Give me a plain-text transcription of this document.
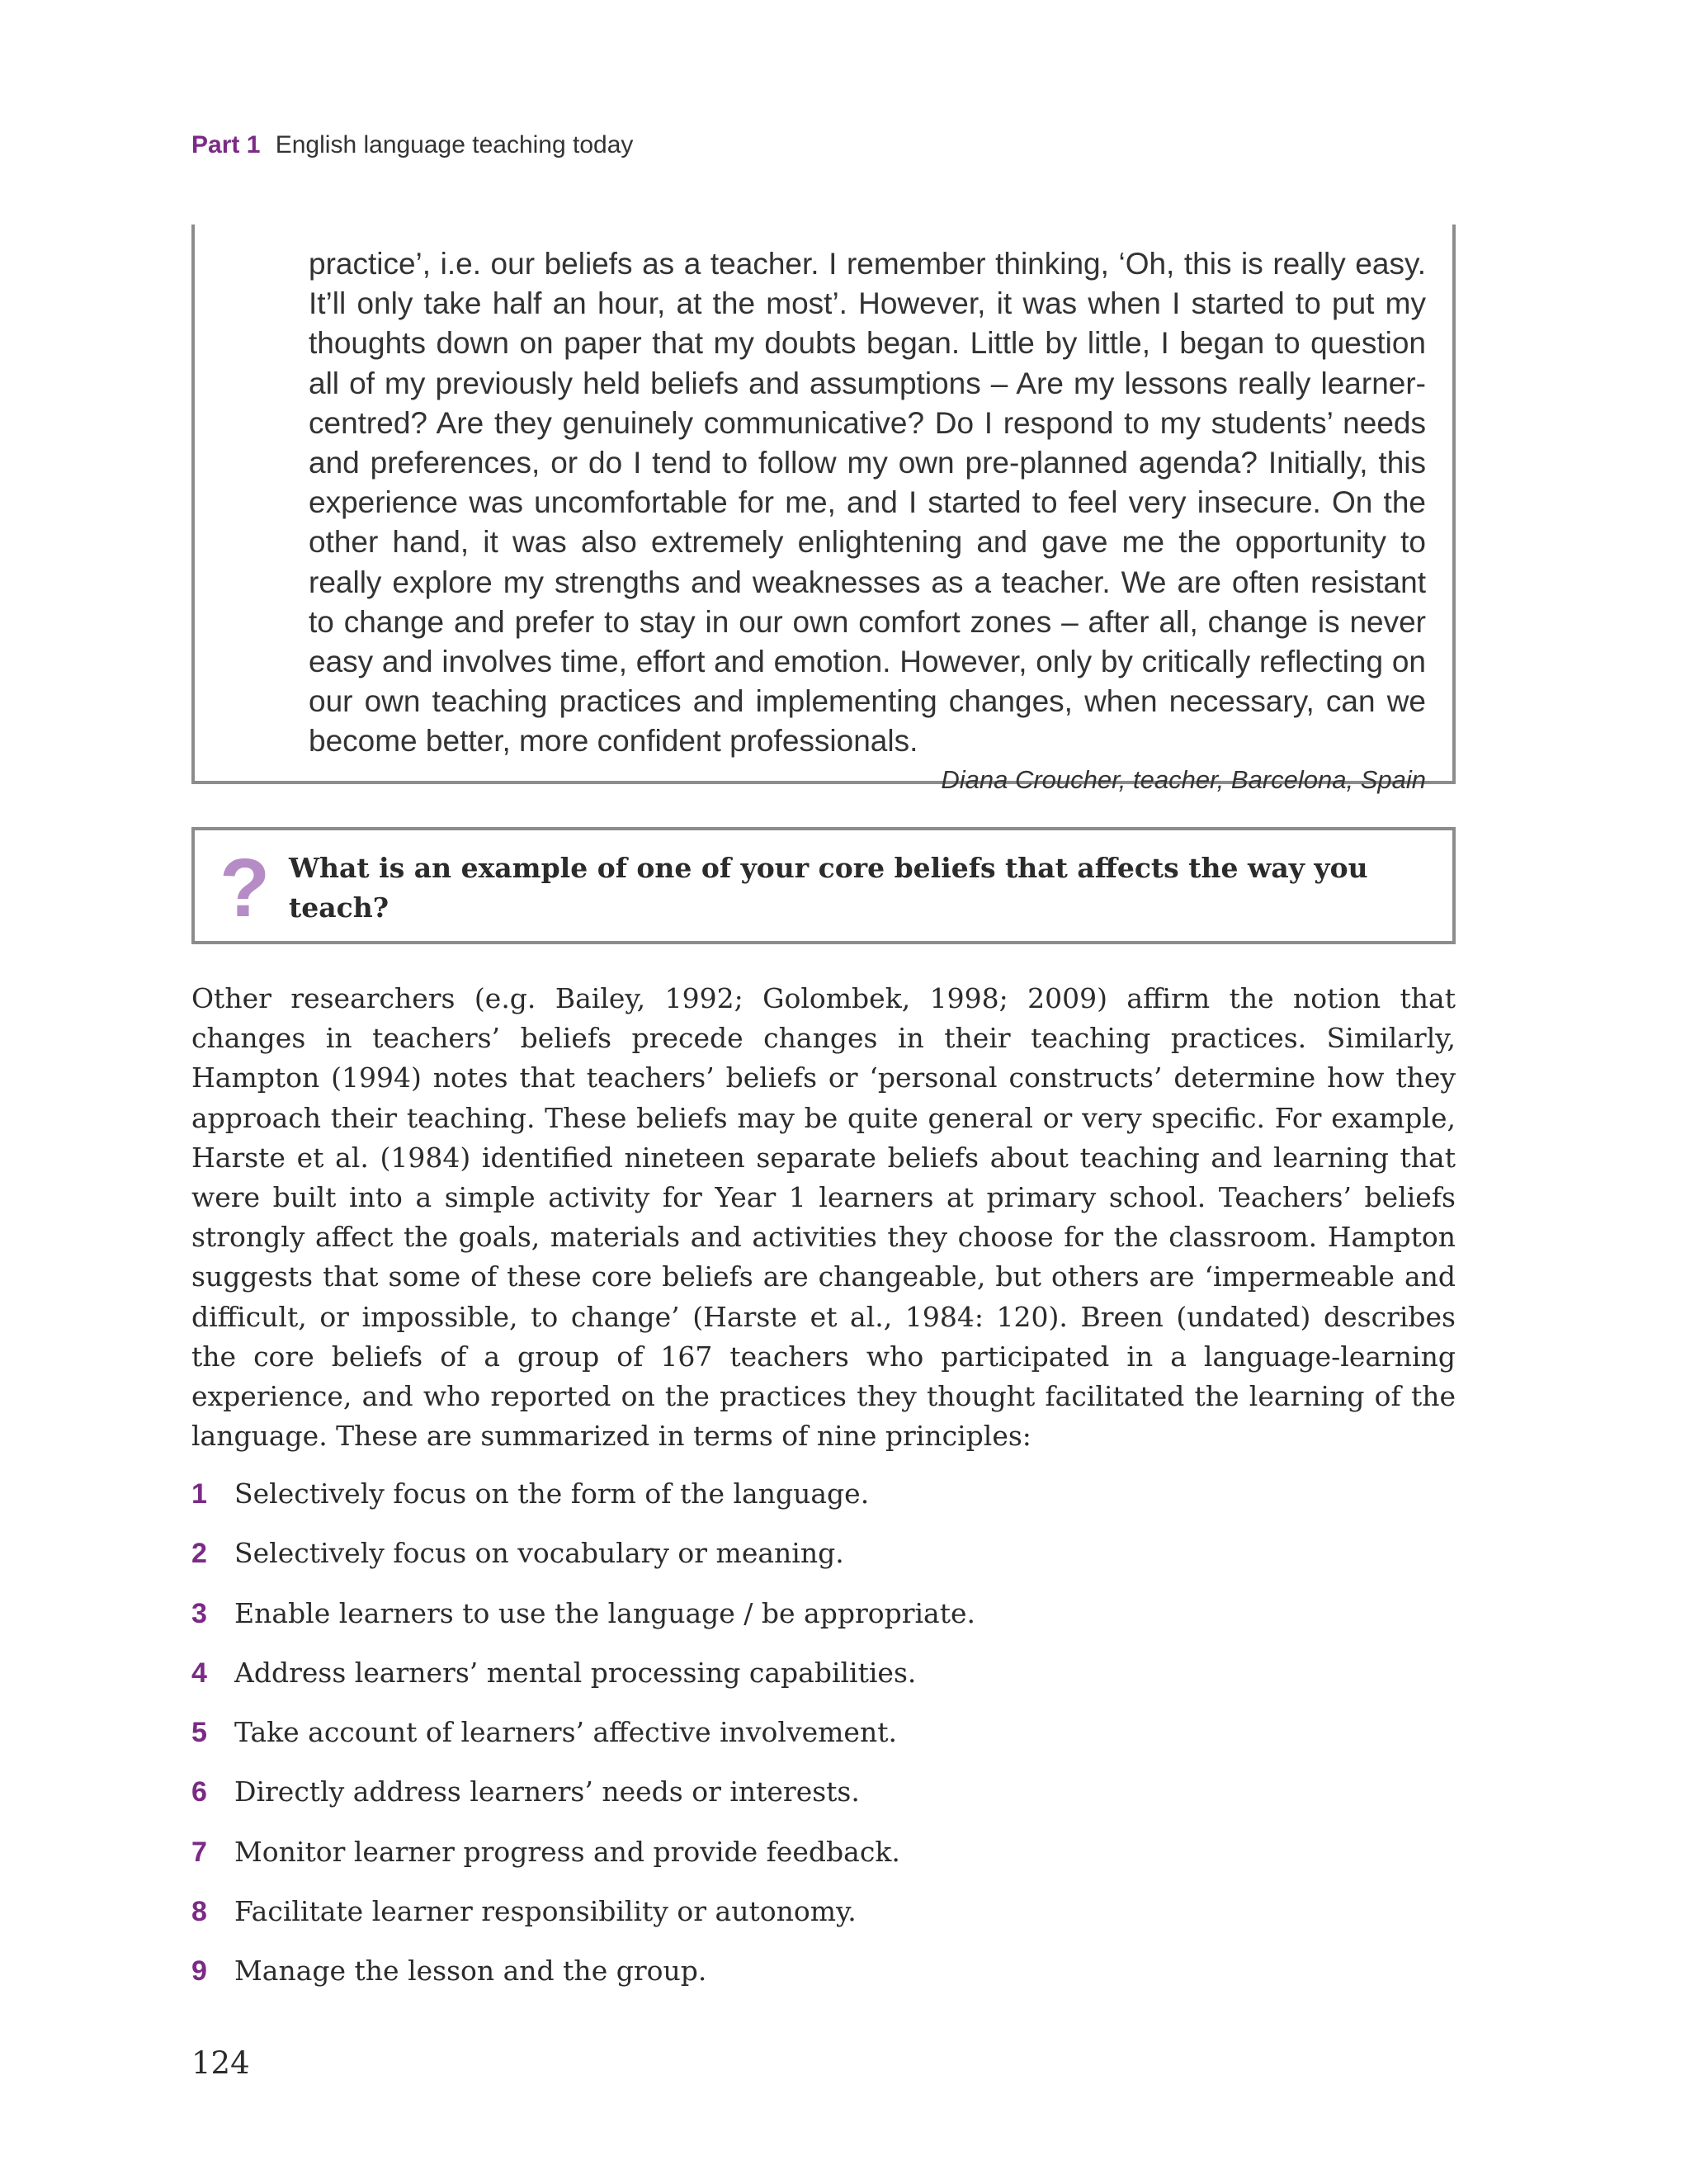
Part 1 English language teaching today

practice’, i.e. our beliefs as a teacher. I remember thinking, ‘Oh, this is really easy. It’ll only take half an hour, at the most’. However, it was when I started to put my thoughts down on paper that my doubts began. Little by little, I began to question all of my previously held beliefs and assumptions – Are my lessons really learner-centred? Are they genuinely communicative? Do I respond to my students’ needs and preferences, or do I tend to follow my own pre-planned agenda? Initially, this experience was uncomfortable for me, and I started to feel very insecure. On the other hand, it was also extremely enlightening and gave me the opportunity to really explore my strengths and weaknesses as a teacher. We are often resistant to change and prefer to stay in our own comfort zones – after all, change is never easy and involves time, effort and emotion. However, only by critically reflecting on our own teaching practices and implementing changes, when necessary, can we become better, more confident professionals.

Diana Croucher, teacher, Barcelona, Spain

? What is an example of one of your core beliefs that affects the way you teach?

Other researchers (e.g. Bailey, 1992; Golombek, 1998; 2009) affirm the notion that changes in teachers’ beliefs precede changes in their teaching practices. Similarly, Hampton (1994) notes that teachers’ beliefs or ‘personal constructs’ determine how they approach their teaching. These beliefs may be quite general or very specific. For example, Harste et al. (1984) identified nineteen separate beliefs about teaching and learning that were built into a simple activity for Year 1 learners at primary school. Teachers’ beliefs strongly affect the goals, materials and activities they choose for the classroom. Hampton suggests that some of these core beliefs are changeable, but others are ‘impermeable and difficult, or impossible, to change’ (Harste et al., 1984: 120). Breen (undated) describes the core beliefs of a group of 167 teachers who participated in a language-learning experience, and who reported on the practices they thought facilitated the learning of the language. These are summarized in terms of nine principles:

1	Selectively focus on the form of the language.
2	Selectively focus on vocabulary or meaning.
3	Enable learners to use the language / be appropriate.
4	Address learners’ mental processing capabilities.
5	Take account of learners’ affective involvement.
6	Directly address learners’ needs or interests.
7	Monitor learner progress and provide feedback.
8	Facilitate learner responsibility or autonomy.
9	Manage the lesson and the group.
124
